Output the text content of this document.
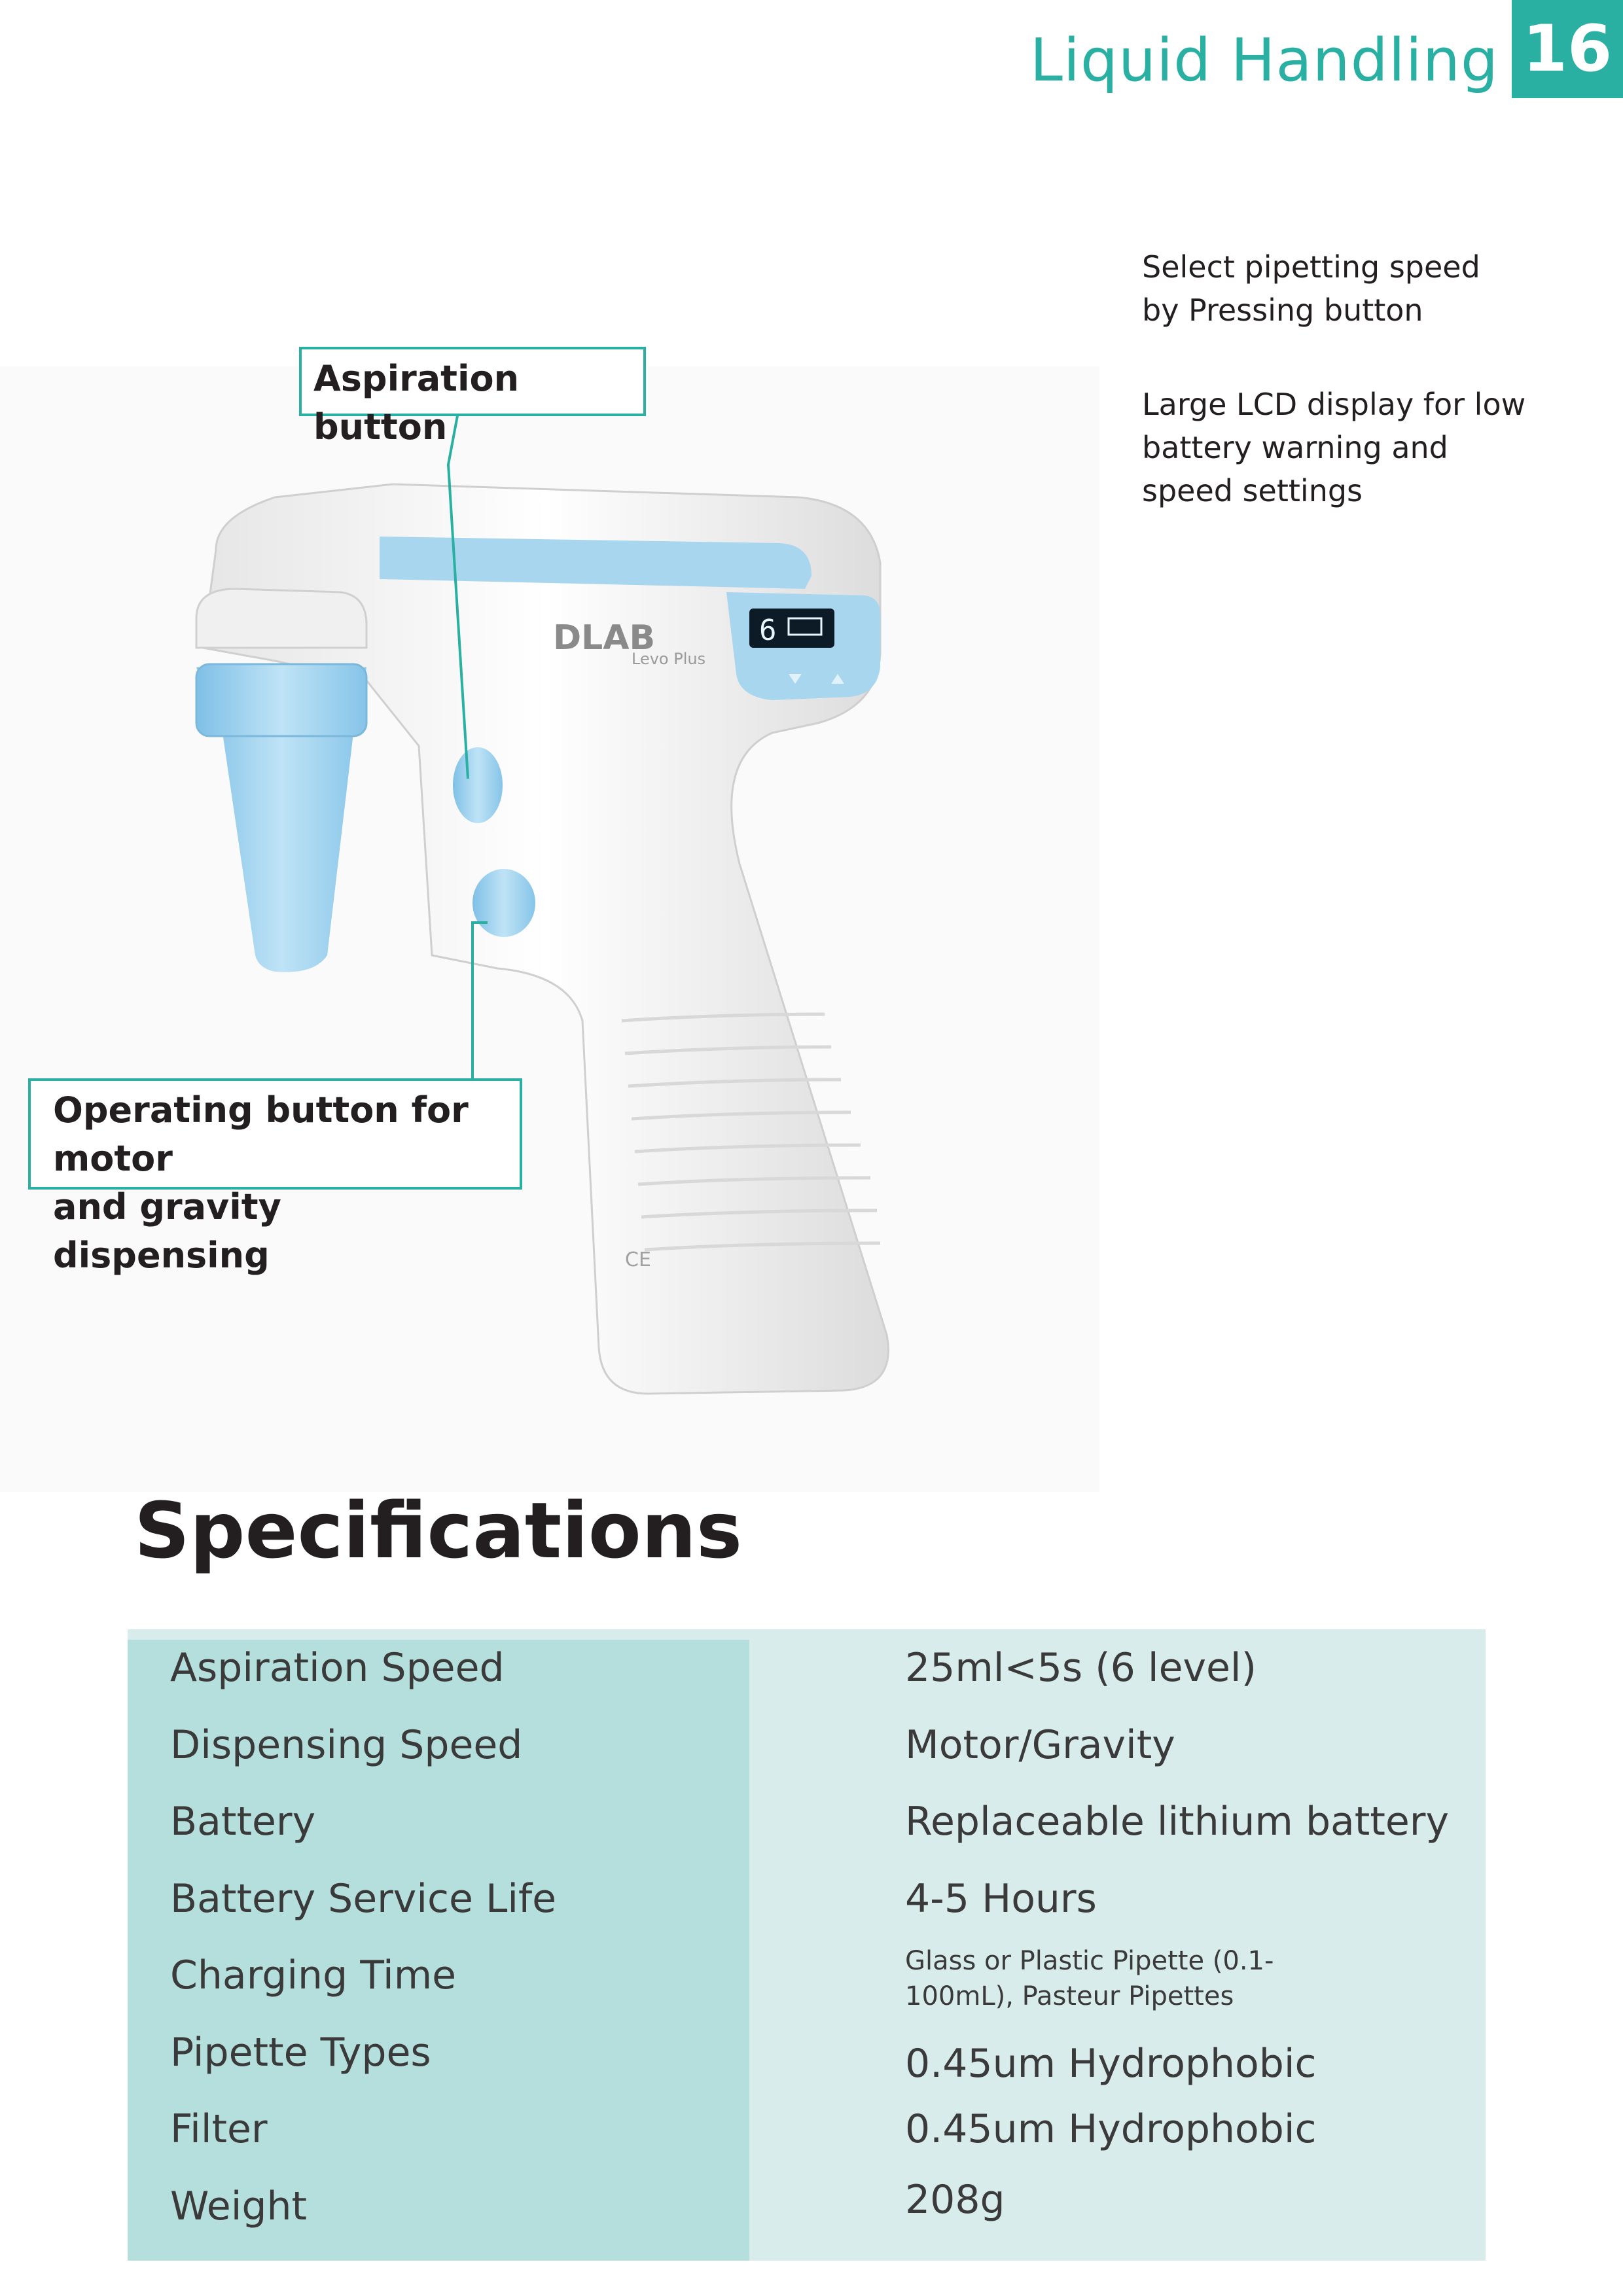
Liquid Handling 16
Select pipetting speed
by Pressing button
Large LCD display for low
battery warning and
speed settings
6
DLAB
Levo Plus
CE
Aspiration button
Operating button for motor
and gravity dispensing
Specifications
Aspiration Speed	25ml<5s (6 level)
Dispensing Speed	Motor/Gravity
Battery	Replaceable lithium battery
Battery Service Life	4-5 Hours
Charging Time	Glass or Plastic Pipette (0.1-100mL), Pasteur Pipettes
Pipette Types	0.45um Hydrophobic
Filter	0.45um Hydrophobic
Weight	208g
